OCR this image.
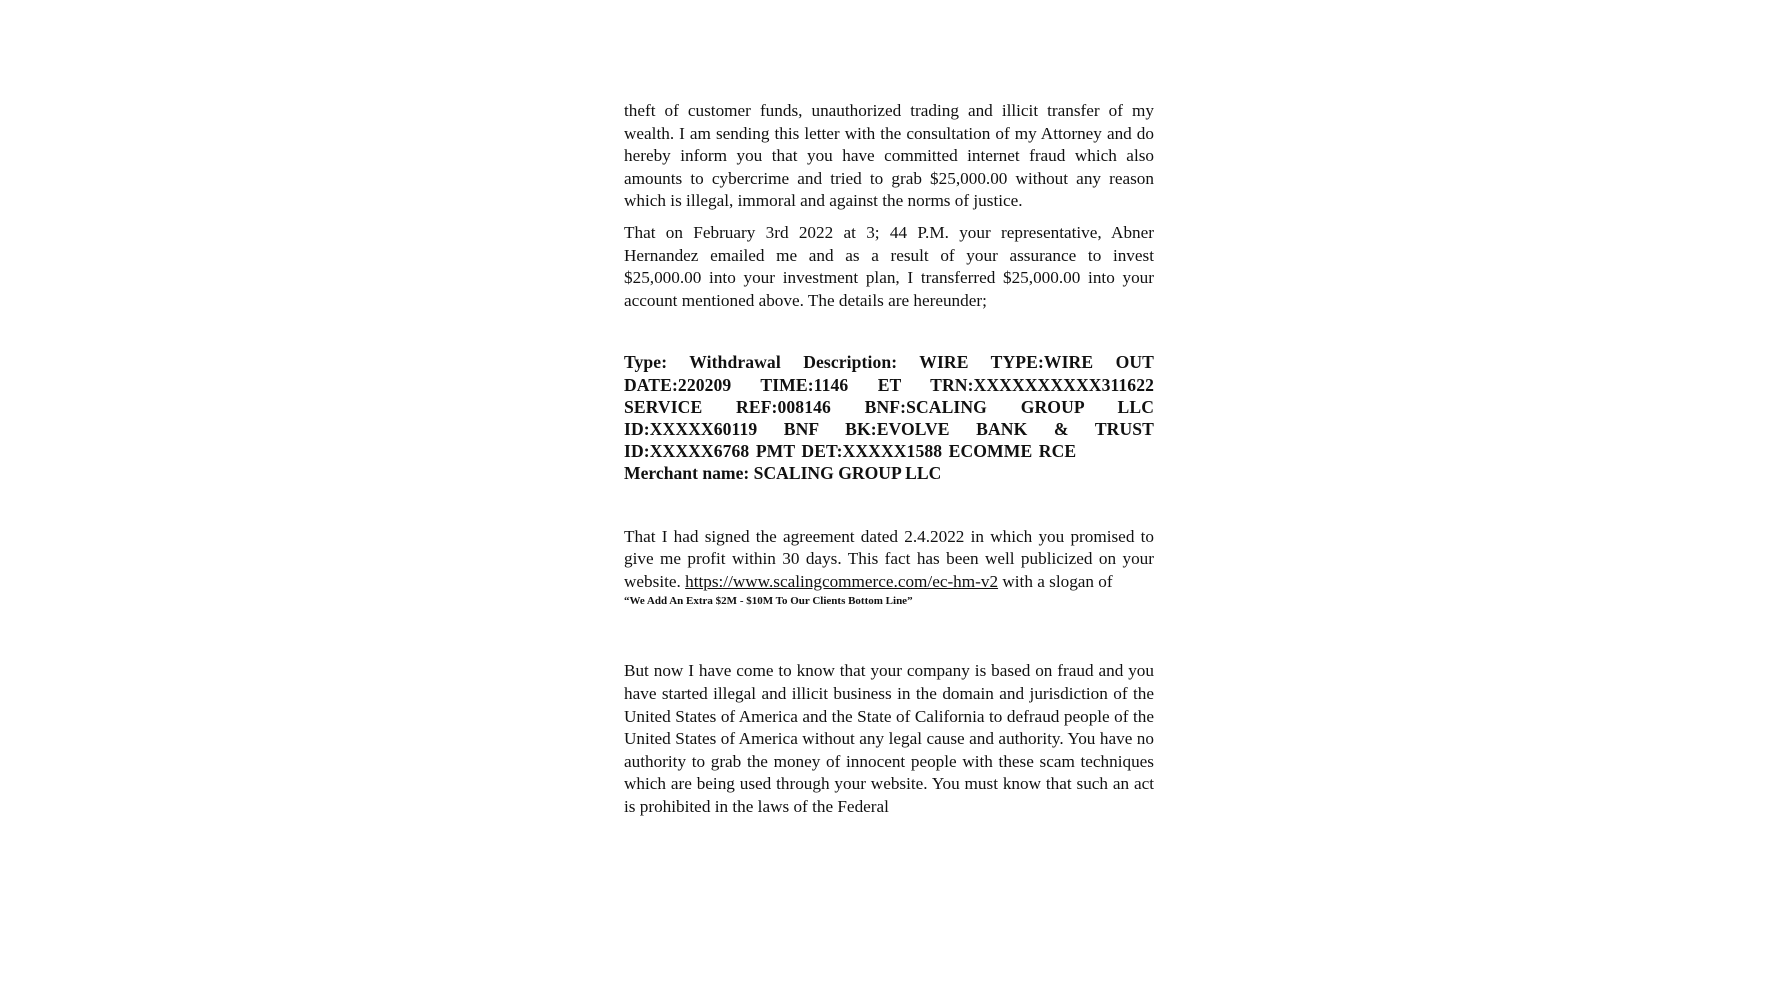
theft of customer funds, unauthorized trading and illicit transfer of my wealth. I am sending this letter with the consultation of my Attorney and do hereby inform you that you have committed internet fraud which also amounts to cybercrime and tried to grab $25,000.00 without any reason which is illegal, immoral and against the norms of justice.

That on February 3rd 2022 at 3; 44 P.M. your representative, Abner Hernandez emailed me and as a result of your assurance to invest $25,000.00 into your investment plan, I transferred $25,000.00 into your account mentioned above. The details are hereunder;

Type: Withdrawal Description: WIRE TYPE:WIRE OUT DATE:220209 TIME:1146 ET TRN:XXXXXXXXXX311622 SERVICE REF:008146 BNF:SCALING GROUP LLC ID:XXXXX60119 BNF BK:EVOLVE BANK & TRUST ID:XXXXX6768 PMT DET:XXXXX1588 ECOMME RCE

Merchant name: SCALING GROUP LLC

That I had signed the agreement dated 2.4.2022 in which you promised to give me profit within 30 days. This fact has been well publicized on your website. https://www.scalingcommerce.com/ec-hm-v2 with a slogan of

“We Add An Extra $2M - $10M To Our Clients Bottom Line”

But now I have come to know that your company is based on fraud and you have started illegal and illicit business in the domain and jurisdiction of the United States of America and the State of California to defraud people of the United States of America without any legal cause and authority. You have no authority to grab the money of innocent people with these scam techniques which are being used through your website. You must know that such an act is prohibited in the laws of the Federal
